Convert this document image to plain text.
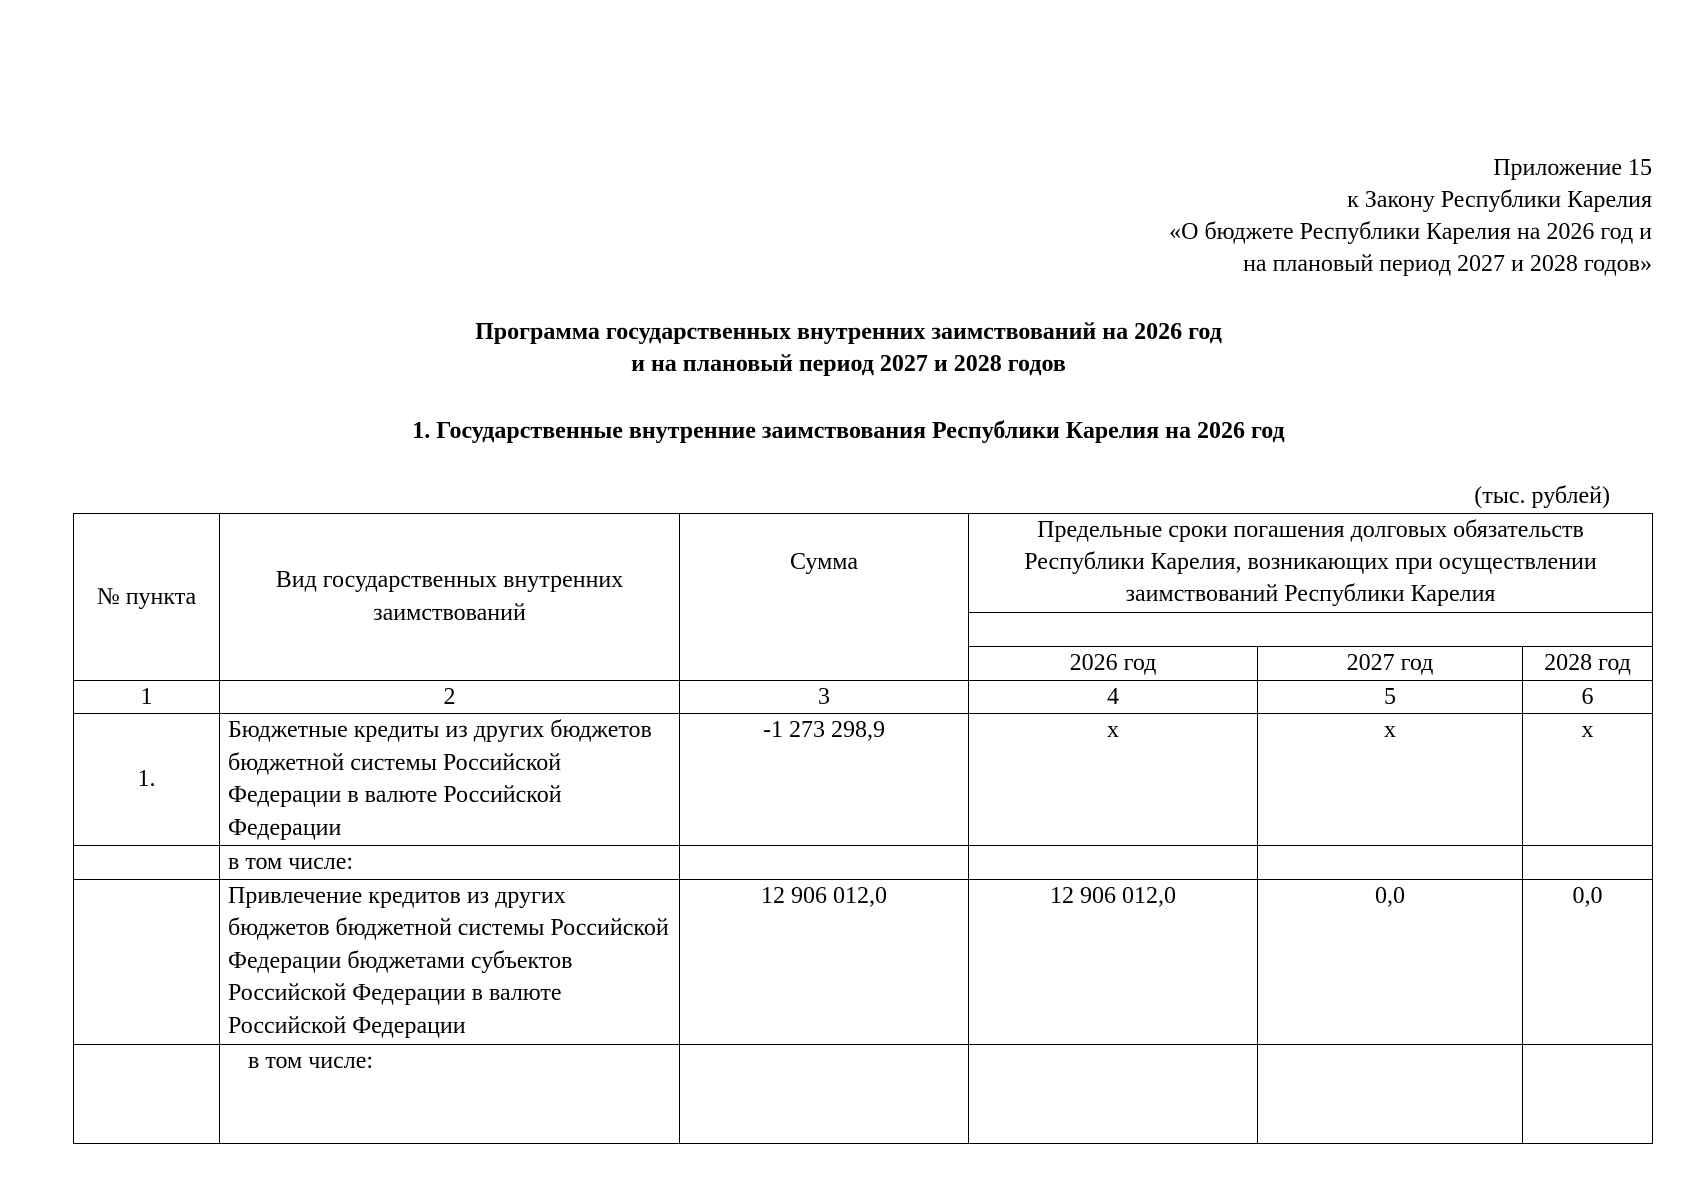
Приложение 15
к Закону Республики Карелия
«О бюджете Республики Карелия на 2026 год и
на плановый период 2027 и 2028 годов»
Программа государственных внутренних заимствований на 2026 год
и на плановый период 2027 и 2028 годов
1. Государственные внутренние заимствования Республики Карелия на 2026 год
(тыс. рублей)
№ пункта	Вид государственных внутренних заимствований	Сумма	Предельные сроки погашения долговых обязательств Республики Карелия, возникающих при осуществлении заимствований Республики Карелия		

			2026 год	2027 год	2028 год
1	2	3	4	5	6
1.	Бюджетные кредиты из других бюджетов бюджетной системы Российской Федерации в валюте Российской Федерации	-1 273 298,9	х	х	х
	в том числе:				
	Привлечение кредитов из других бюджетов бюджетной системы Российской Федерации бюджетами субъектов Российской Федерации в валюте Российской Федерации	12 906 012,0	12 906 012,0	0,0	0,0
	в том числе:				
